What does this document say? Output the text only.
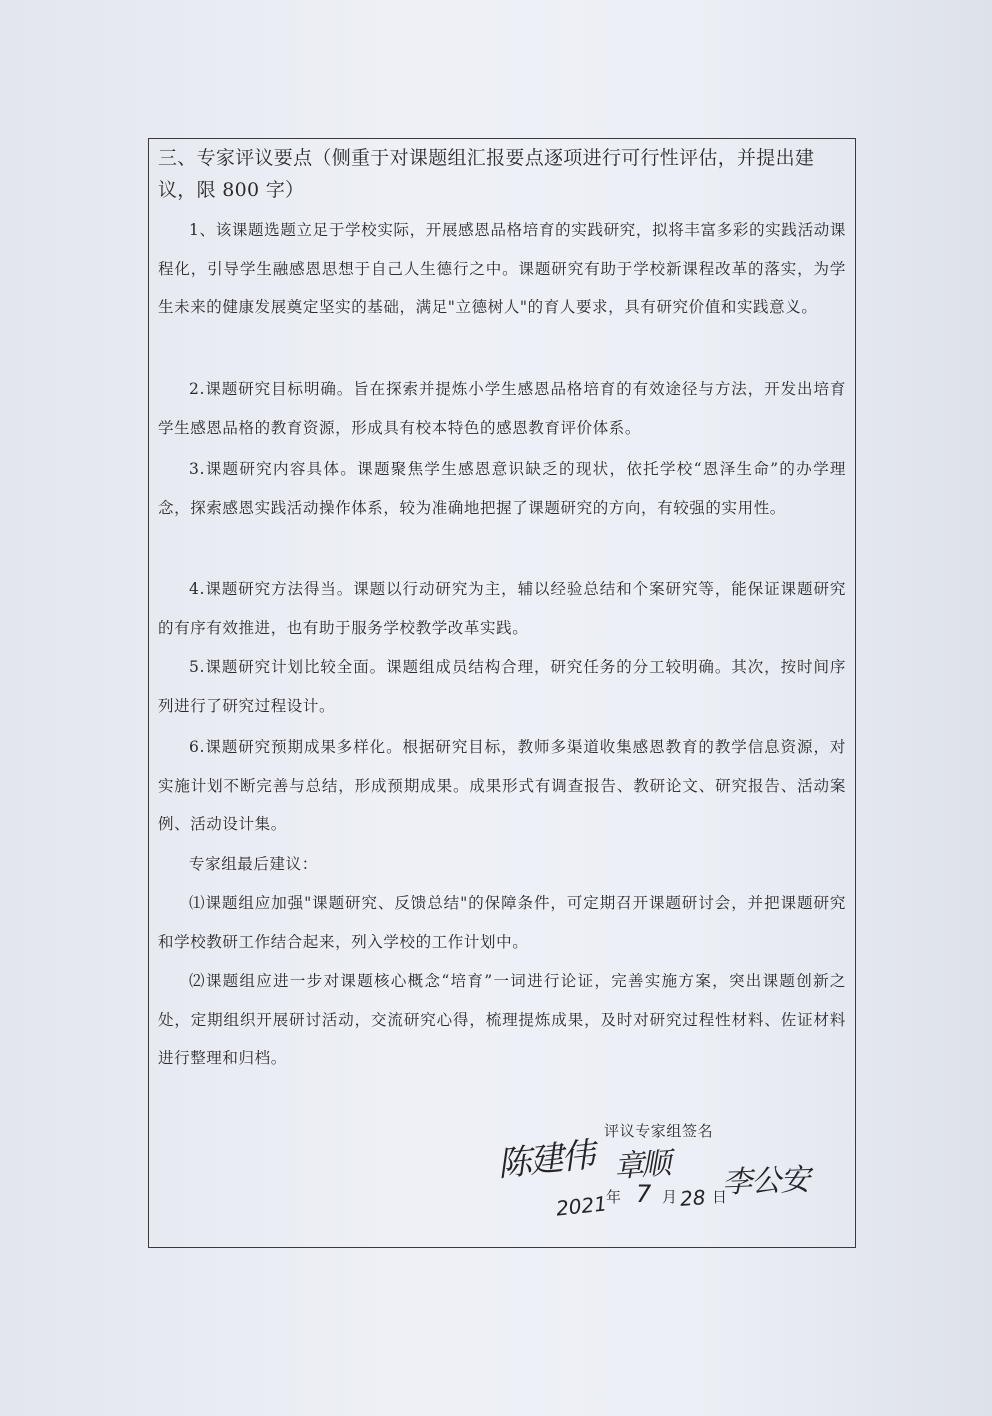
三、专家评议要点（侧重于对课题组汇报要点逐项进行可行性评估，并提出建议，限 800 字）
1、该课题选题立足于学校实际，开展感恩品格培育的实践研究，拟将丰富多彩的实践活动课程化，引导学生融感恩思想于自己人生德行之中。课题研究有助于学校新课程改革的落实，为学生未来的健康发展奠定坚实的基础，满足"立德树人"的育人要求，具有研究价值和实践意义。
2.课题研究目标明确。旨在探索并提炼小学生感恩品格培育的有效途径与方法，开发出培育学生感恩品格的教育资源，形成具有校本特色的感恩教育评价体系。
3.课题研究内容具体。课题聚焦学生感恩意识缺乏的现状，依托学校“恩泽生命”的办学理念，探索感恩实践活动操作体系，较为准确地把握了课题研究的方向，有较强的实用性。
4.课题研究方法得当。课题以行动研究为主，辅以经验总结和个案研究等，能保证课题研究的有序有效推进，也有助于服务学校教学改革实践。
5.课题研究计划比较全面。课题组成员结构合理，研究任务的分工较明确。其次，按时间序列进行了研究过程设计。
6.课题研究预期成果多样化。根据研究目标，教师多渠道收集感恩教育的教学信息资源，对实施计划不断完善与总结，形成预期成果。成果形式有调查报告、教研论文、研究报告、活动案例、活动设计集。
专家组最后建议：
⑴课题组应加强"课题研究、反馈总结"的保障条件，可定期召开课题研讨会，并把课题研究和学校教研工作结合起来，列入学校的工作计划中。
⑵课题组应进一步对课题核心概念“培育”一词进行论证，完善实施方案，突出课题创新之处，定期组织开展研讨活动，交流研究心得，梳理提炼成果，及时对研究过程性材料、佐证材料进行整理和归档。
评议专家组签名
陈建伟 章顺 李公安
2021
年 7 月 28 日
